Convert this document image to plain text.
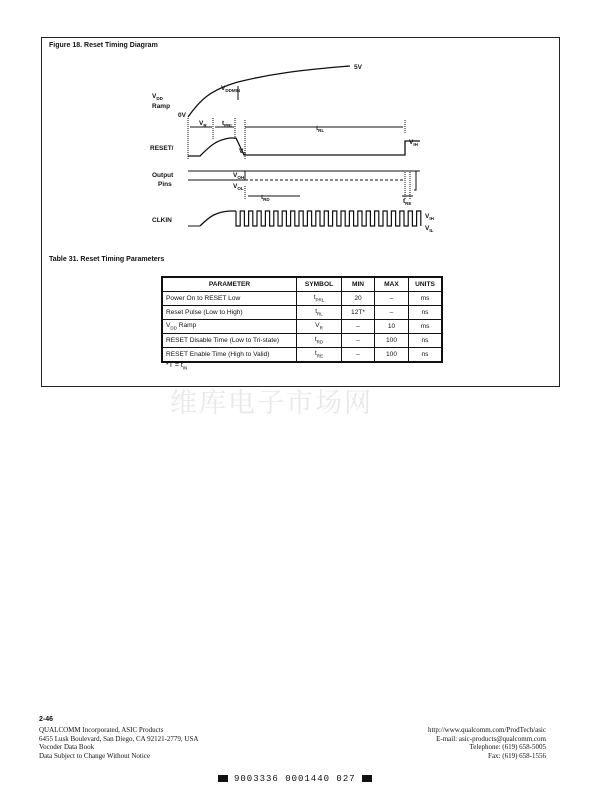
Figure 18. Reset Timing Diagram
$V_{DD}$
Ramp
0V
$V_{DDMIN}$
5V
$V_R$ $t_{PRL}$	$t_{RL}$
$V_{IH}$
$V_{IL}$
RESET/
Output
Pins
$V_{OH}$
$V_{OL}$
$t_{RD}$	$t_{RE}$
CLKIN
$V_{IH}$
$V_{IL}$
Table 31. Reset Timing Parameters
PARAMETER	SYMBOL	MIN	MAX	UNITS
Power On to RESET Low	$t_{PRL}$	20	–	ms
Reset Pulse (Low to High)	$t_{RL}$	12T*	–	ns
$V_{DD}$ Ramp	$V_R$	–	10	ms
RESET Disable Time (Low to Tri-state)	$t_{RD}$	–	100	ns
RESET Enable Time (High to Valid)	$t_{RE}$	–	100	ns
$*T = t_{IN}$
维库电子市场网
2-46
QUALCOMM Incorporated, ASIC Products
6455 Lusk Boulevard, San Diego, CA 92121-2779, USA
Vocoder Data Book
Data Subject to Change Without Notice
http://www.qualcomm.com/ProdTech/asic
E-mail: asic-products@qualcomm.com
Telephone: (619) 658-5005
Fax: (619) 658-1556
9003336 0001440 027
